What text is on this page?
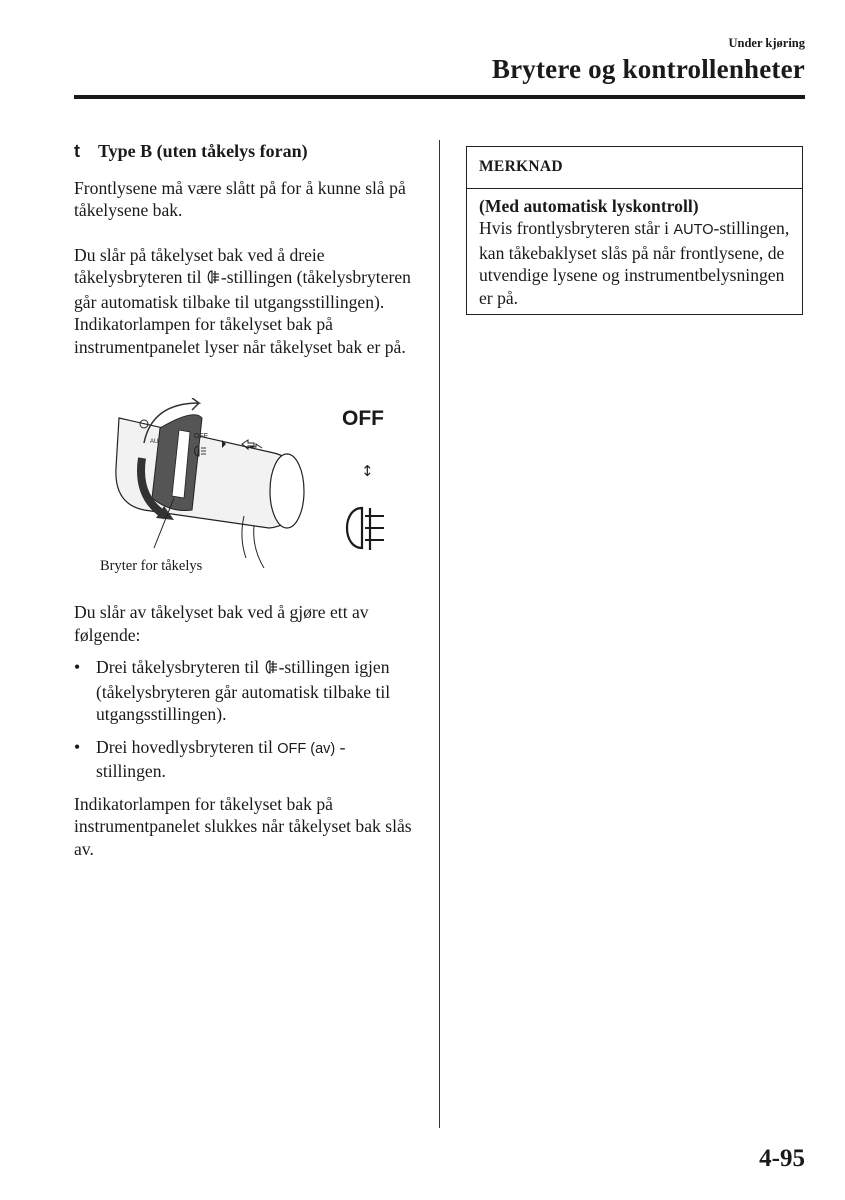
Under kjøring
Brytere og kontrollenheter

t	Type B (uten tåkelys foran)

Frontlysene må være slått på for å kunne slå på tåkelysene bak.

Du slår på tåkelyset bak ved å dreie tåkelysbryteren til -stillingen (tåkelysbryteren går automatisk tilbake til utgangsstillingen).

Indikatorlampen for tåkelyset bak på instrumentpanelet lyser når tåkelyset bak er på.

OFF
AU
↕
OFF
Bryter for tåkelys

Du slår av tåkelyset bak ved å gjøre ett av følgende:

• Drei tåkelysbryteren til -stillingen igjen (tåkelysbryteren går automatisk tilbake til utgangsstillingen).
• Drei hovedlysbryteren til OFF (av) - stillingen.

Indikatorlampen for tåkelyset bak på instrumentpanelet slukkes når tåkelyset bak slås av.

MERKNAD
(Med automatisk lyskontroll)
Hvis frontlysbryteren står i AUTO-stillingen, kan tåkebaklyset slås på når frontlysene, de utvendige lysene og instrumentbelysningen er på.
4-95
